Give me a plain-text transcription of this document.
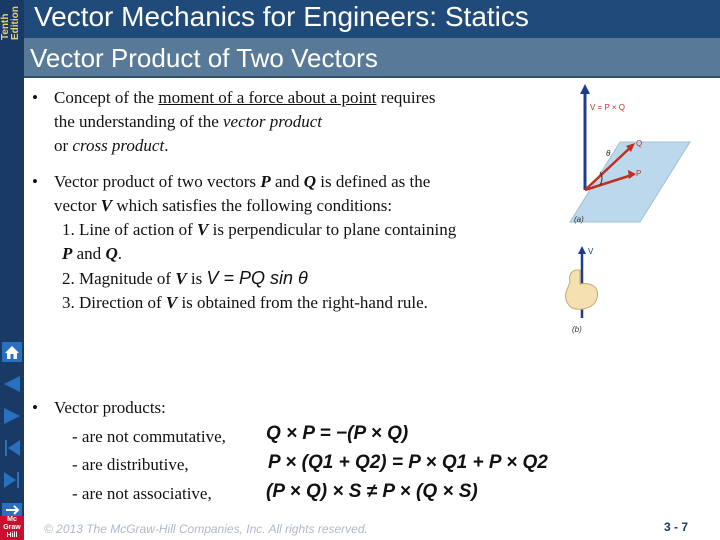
Tenth Edition Vector Mechanics for Engineers: Statics
Vector Product of Two Vectors
Mc Graw Hill
• Concept of the moment of a force about a point requires the understanding of the vector product
or cross product.
• Vector product of two vectors P and Q is defined as the vector V which satisfies the following conditions:
1. Line of action of V is perpendicular to plane containing P and Q.
2. Magnitude of V is V = PQ sin θ
3. Direction of V is obtained from the right-hand rule.
• Vector products:
- are not commutative,
- are distributive,
- are not associative,
Q × P = −(P × Q)
P × (Q1 + Q2) = P × Q1 + P × Q2
(P × Q) × S ≠ P × (Q × S)
V = P × Q
θ
Q
P
(a)
V
(b)
© 2013 The McGraw-Hill Companies, Inc. All rights reserved.	3 - 7
